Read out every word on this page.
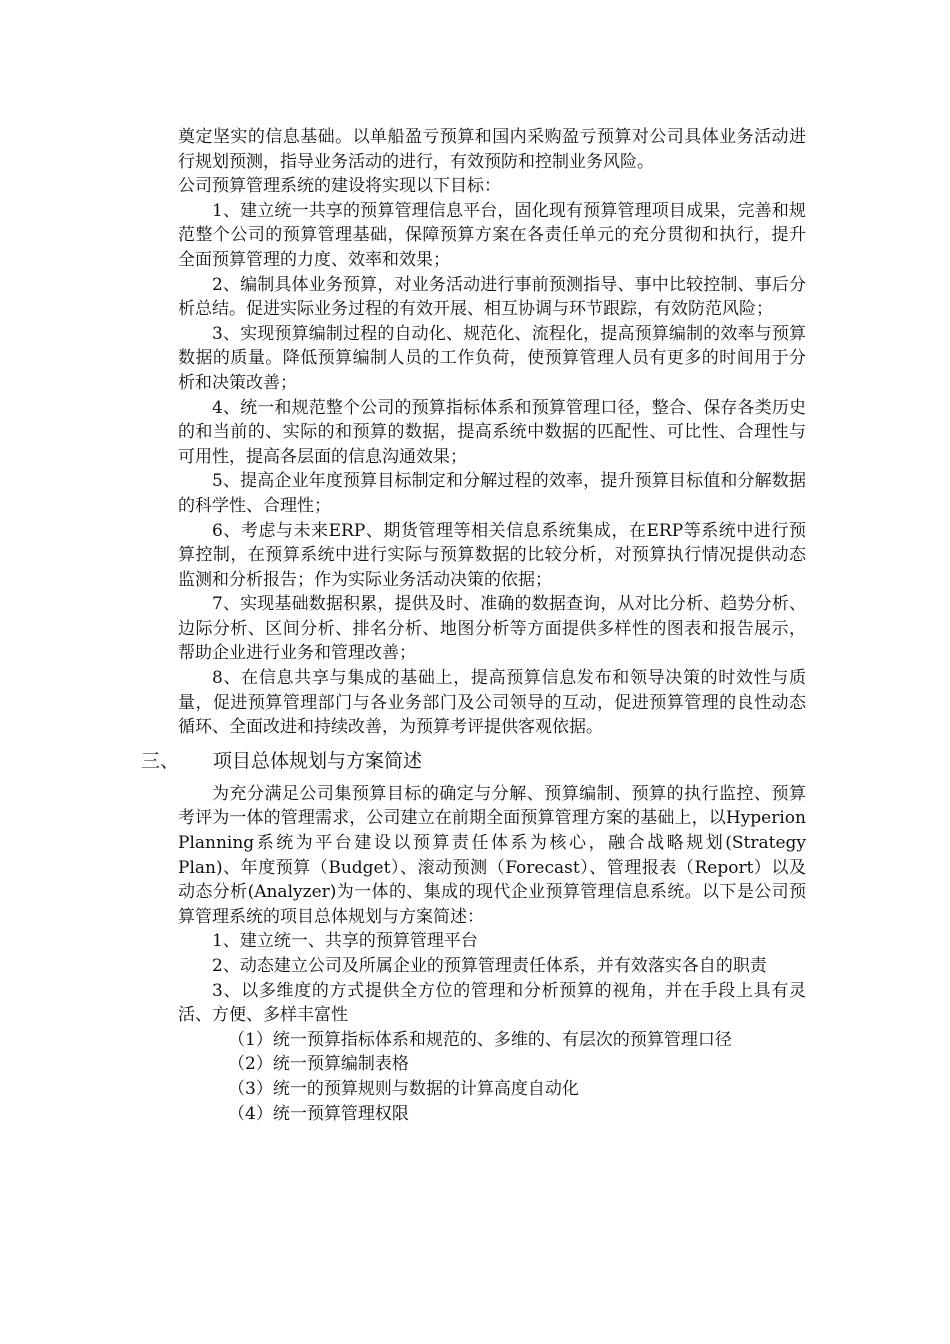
奠定坚实的信息基础。以单船盈亏预算和国内采购盈亏预算对公司具体业务活动进行规划预测，指导业务活动的进行，有效预防和控制业务风险。

公司预算管理系统的建设将实现以下目标：

1、建立统一共享的预算管理信息平台，固化现有预算管理项目成果，完善和规范整个公司的预算管理基础，保障预算方案在各责任单元的充分贯彻和执行，提升全面预算管理的力度、效率和效果；

2、编制具体业务预算，对业务活动进行事前预测指导、事中比较控制、事后分析总结。促进实际业务过程的有效开展、相互协调与环节跟踪，有效防范风险；

3、实现预算编制过程的自动化、规范化、流程化，提高预算编制的效率与预算数据的质量。降低预算编制人员的工作负荷，使预算管理人员有更多的时间用于分析和决策改善；

4、统一和规范整个公司的预算指标体系和预算管理口径，整合、保存各类历史的和当前的、实际的和预算的数据，提高系统中数据的匹配性、可比性、合理性与可用性，提高各层面的信息沟通效果；

5、提高企业年度预算目标制定和分解过程的效率，提升预算目标值和分解数据的科学性、合理性；

6、考虑与未来ERP、期货管理等相关信息系统集成，在ERP等系统中进行预算控制，在预算系统中进行实际与预算数据的比较分析，对预算执行情况提供动态监测和分析报告；作为实际业务活动决策的依据；

7、实现基础数据积累，提供及时、准确的数据查询，从对比分析、趋势分析、边际分析、区间分析、排名分析、地图分析等方面提供多样性的图表和报告展示，帮助企业进行业务和管理改善；

8、在信息共享与集成的基础上，提高预算信息发布和领导决策的时效性与质量，促进预算管理部门与各业务部门及公司领导的互动，促进预算管理的良性动态循环、全面改进和持续改善，为预算考评提供客观依据。

三、	项目总体规划与方案简述

为充分满足公司集预算目标的确定与分解、预算编制、预算的执行监控、预算考评为一体的管理需求，公司建立在前期全面预算管理方案的基础上，以Hyperion Planning系统为平台建设以预算责任体系为核心，融合战略规划(Strategy Plan)、年度预算（Budget）、滚动预测（Forecast）、管理报表（Report）以及动态分析(Analyzer)为一体的、集成的现代企业预算管理信息系统。以下是公司预算管理系统的项目总体规划与方案简述：

1、建立统一、共享的预算管理平台

2、动态建立公司及所属企业的预算管理责任体系，并有效落实各自的职责

3、以多维度的方式提供全方位的管理和分析预算的视角，并在手段上具有灵活、方便、多样丰富性

（1）统一预算指标体系和规范的、多维的、有层次的预算管理口径

（2）统一预算编制表格

（3）统一的预算规则与数据的计算高度自动化

（4）统一预算管理权限
